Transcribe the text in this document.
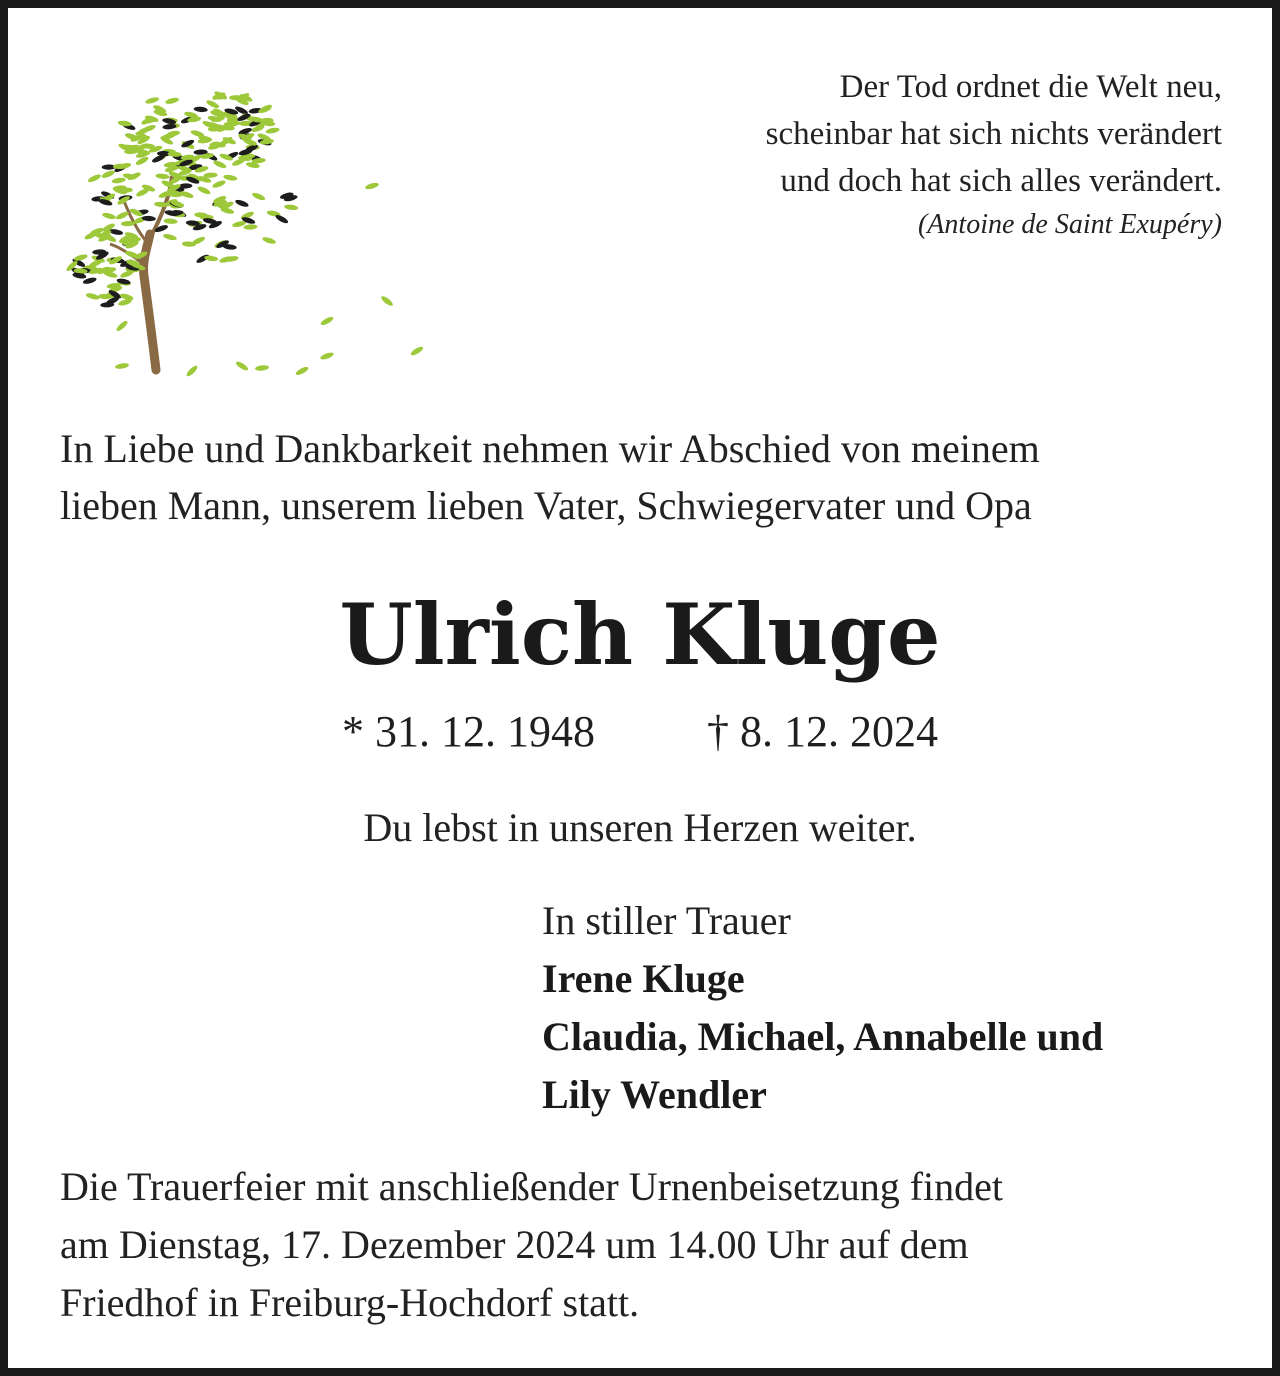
Der Tod ordnet die Welt neu,
scheinbar hat sich nichts verändert
und doch hat sich alles verändert.
(Antoine de Saint Exupéry)
In Liebe und Dankbarkeit nehmen wir Abschied von meinem
lieben Mann, unserem lieben Vater, Schwiegervater und Opa
Ulrich Kluge
* 31. 12. 1948	† 8. 12. 2024
Du lebst in unseren Herzen weiter.
In stiller Trauer
Irene Kluge
Claudia, Michael, Annabelle und
Lily Wendler
Die Trauerfeier mit anschließender Urnenbeisetzung findet
am Dienstag, 17. Dezember 2024 um 14.00 Uhr auf dem
Friedhof in Freiburg-Hochdorf statt.
